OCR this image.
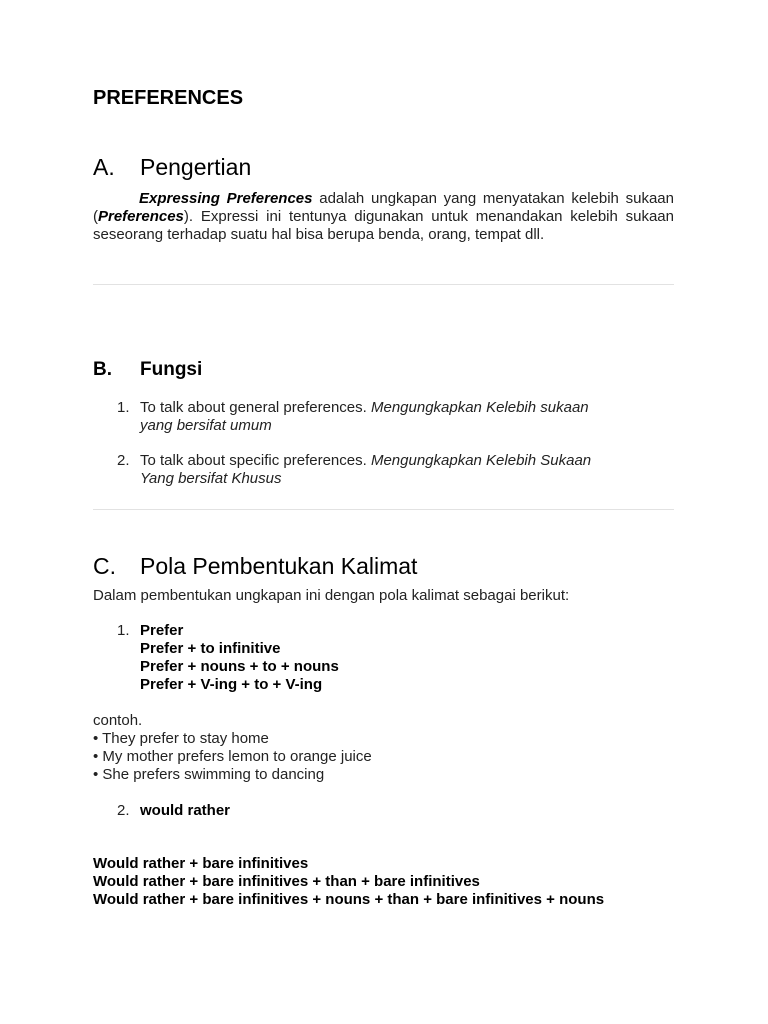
PREFERENCES
A. Pengertian
Expressing Preferences adalah ungkapan yang menyatakan kelebih sukaan (Preferences). Expressi ini tentunya digunakan untuk menandakan kelebih sukaan seseorang terhadap suatu hal bisa berupa benda, orang, tempat dll.
B. Fungsi
1. To talk about general preferences. Mengungkapkan Kelebih sukaan
yang bersifat umum
2. To talk about specific preferences. Mengungkapkan Kelebih Sukaan
Yang bersifat Khusus
C. Pola Pembentukan Kalimat
Dalam pembentukan ungkapan ini dengan pola kalimat sebagai berikut:
1. Prefer
Prefer + to infinitive
Prefer + nouns + to + nouns
Prefer + V-ing + to + V-ing
contoh.
• They prefer to stay home
• My mother prefers lemon to orange juice
• She prefers swimming to dancing
2. would rather
Would rather + bare infinitives
Would rather + bare infinitives + than + bare infinitives
Would rather + bare infinitives + nouns + than + bare infinitives + nouns
